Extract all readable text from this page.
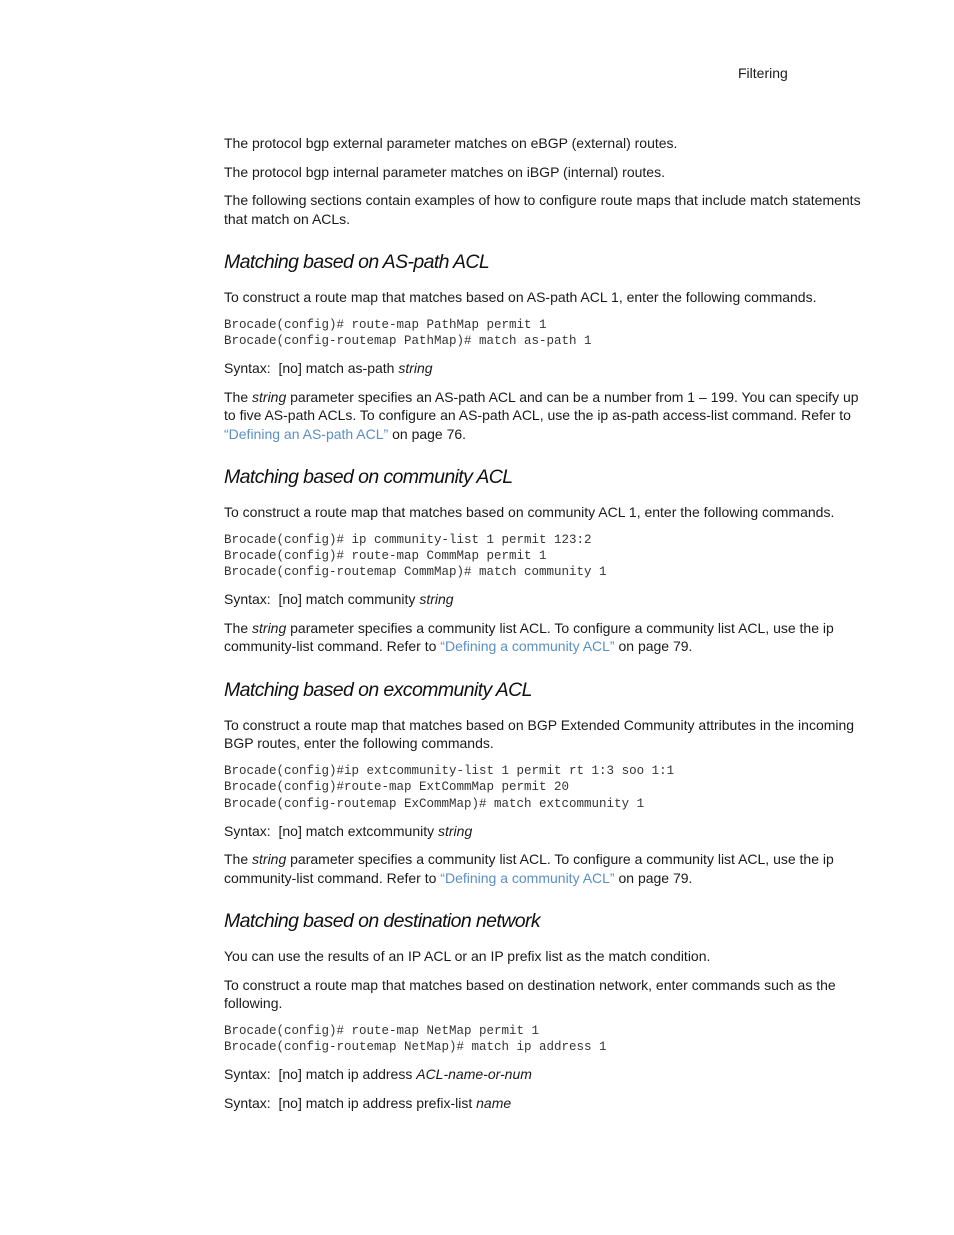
Filtering

The protocol bgp external parameter matches on eBGP (external) routes.

The protocol bgp internal parameter matches on iBGP (internal) routes.

The following sections contain examples of how to configure route maps that include match statements that match on ACLs.

Matching based on AS-path ACL

To construct a route map that matches based on AS-path ACL 1, enter the following commands.

Brocade(config)# route-map PathMap permit 1
Brocade(config-routemap PathMap)# match as-path 1
Syntax: [no] match as-path string

The string parameter specifies an AS-path ACL and can be a number from 1 – 199. You can specify up to five AS-path ACLs. To configure an AS-path ACL, use the ip as-path access-list command. Refer to “Defining an AS-path ACL” on page 76.

Matching based on community ACL

To construct a route map that matches based on community ACL 1, enter the following commands.

Brocade(config)# ip community-list 1 permit 123:2
Brocade(config)# route-map CommMap permit 1
Brocade(config-routemap CommMap)# match community 1
Syntax: [no] match community string

The string parameter specifies a community list ACL. To configure a community list ACL, use the ip community-list command. Refer to “Defining a community ACL” on page 79.

Matching based on excommunity ACL

To construct a route map that matches based on BGP Extended Community attributes in the incoming BGP routes, enter the following commands.

Brocade(config)#ip extcommunity-list 1 permit rt 1:3 soo 1:1
Brocade(config)#route-map ExtCommMap permit 20
Brocade(config-routemap ExCommMap)# match extcommunity 1
Syntax: [no] match extcommunity string

The string parameter specifies a community list ACL. To configure a community list ACL, use the ip community-list command. Refer to “Defining a community ACL” on page 79.

Matching based on destination network

You can use the results of an IP ACL or an IP prefix list as the match condition.

To construct a route map that matches based on destination network, enter commands such as the following.

Brocade(config)# route-map NetMap permit 1
Brocade(config-routemap NetMap)# match ip address 1
Syntax: [no] match ip address ACL-name-or-num
Syntax: [no] match ip address prefix-list name
